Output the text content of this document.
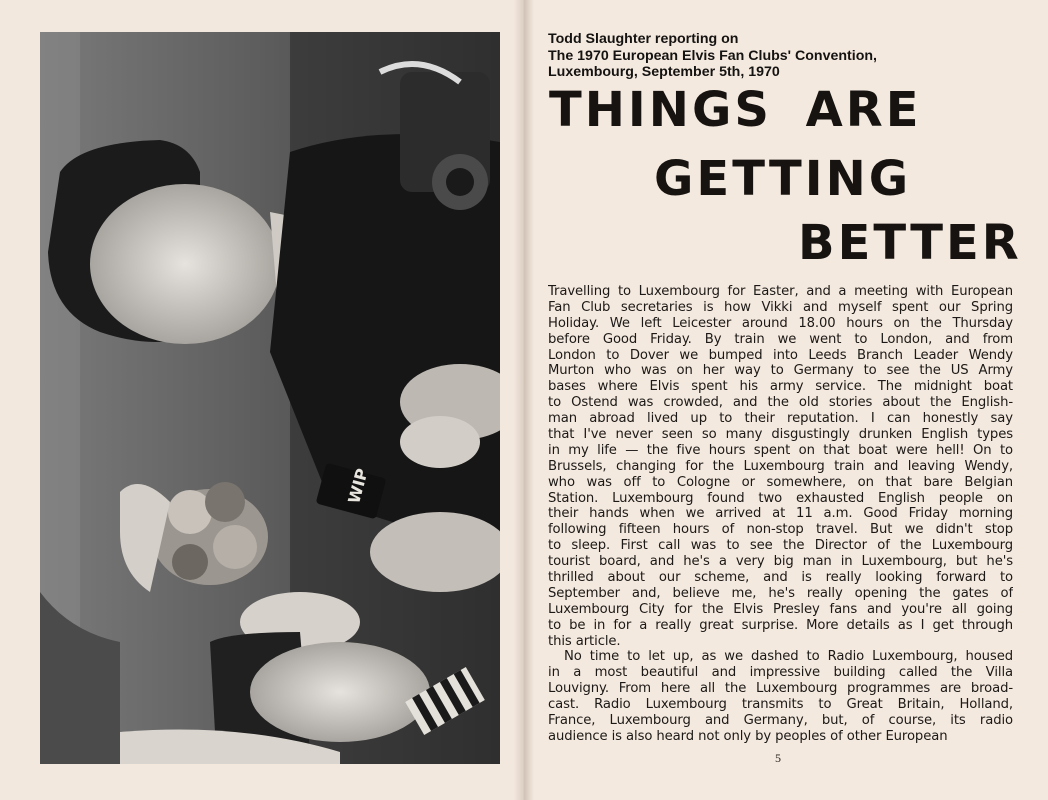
WIP
Todd Slaughter reporting on
The 1970 European Elvis Fan Clubs' Convention,
Luxembourg, September 5th, 1970
THINGS ARE
GETTING
BETTER
Travelling to Luxembourg for Easter, and a meeting with European
Fan Club secretaries is how Vikki and myself spent our Spring
Holiday. We left Leicester around 18.00 hours on the Thursday
before Good Friday. By train we went to London, and from
London to Dover we bumped into Leeds Branch Leader Wendy
Murton who was on her way to Germany to see the US Army
bases where Elvis spent his army service. The midnight boat
to Ostend was crowded, and the old stories about the English-
man abroad lived up to their reputation. I can honestly say
that I've never seen so many disgustingly drunken English types
in my life — the five hours spent on that boat were hell! On to
Brussels, changing for the Luxembourg train and leaving Wendy,
who was off to Cologne or somewhere, on that bare Belgian
Station. Luxembourg found two exhausted English people on
their hands when we arrived at 11 a.m. Good Friday morning
following fifteen hours of non-stop travel. But we didn't stop
to sleep. First call was to see the Director of the Luxembourg
tourist board, and he's a very big man in Luxembourg, but he's
thrilled about our scheme, and is really looking forward to
September and, believe me, he's really opening the gates of
Luxembourg City for the Elvis Presley fans and you're all going
to be in for a really great surprise. More details as I get through
this article.
No time to let up, as we dashed to Radio Luxembourg, housed
in a most beautiful and impressive building called the Villa
Louvigny. From here all the Luxembourg programmes are broad-
cast. Radio Luxembourg transmits to Great Britain, Holland,
France, Luxembourg and Germany, but, of course, its radio
audience is also heard not only by peoples of other European
5
